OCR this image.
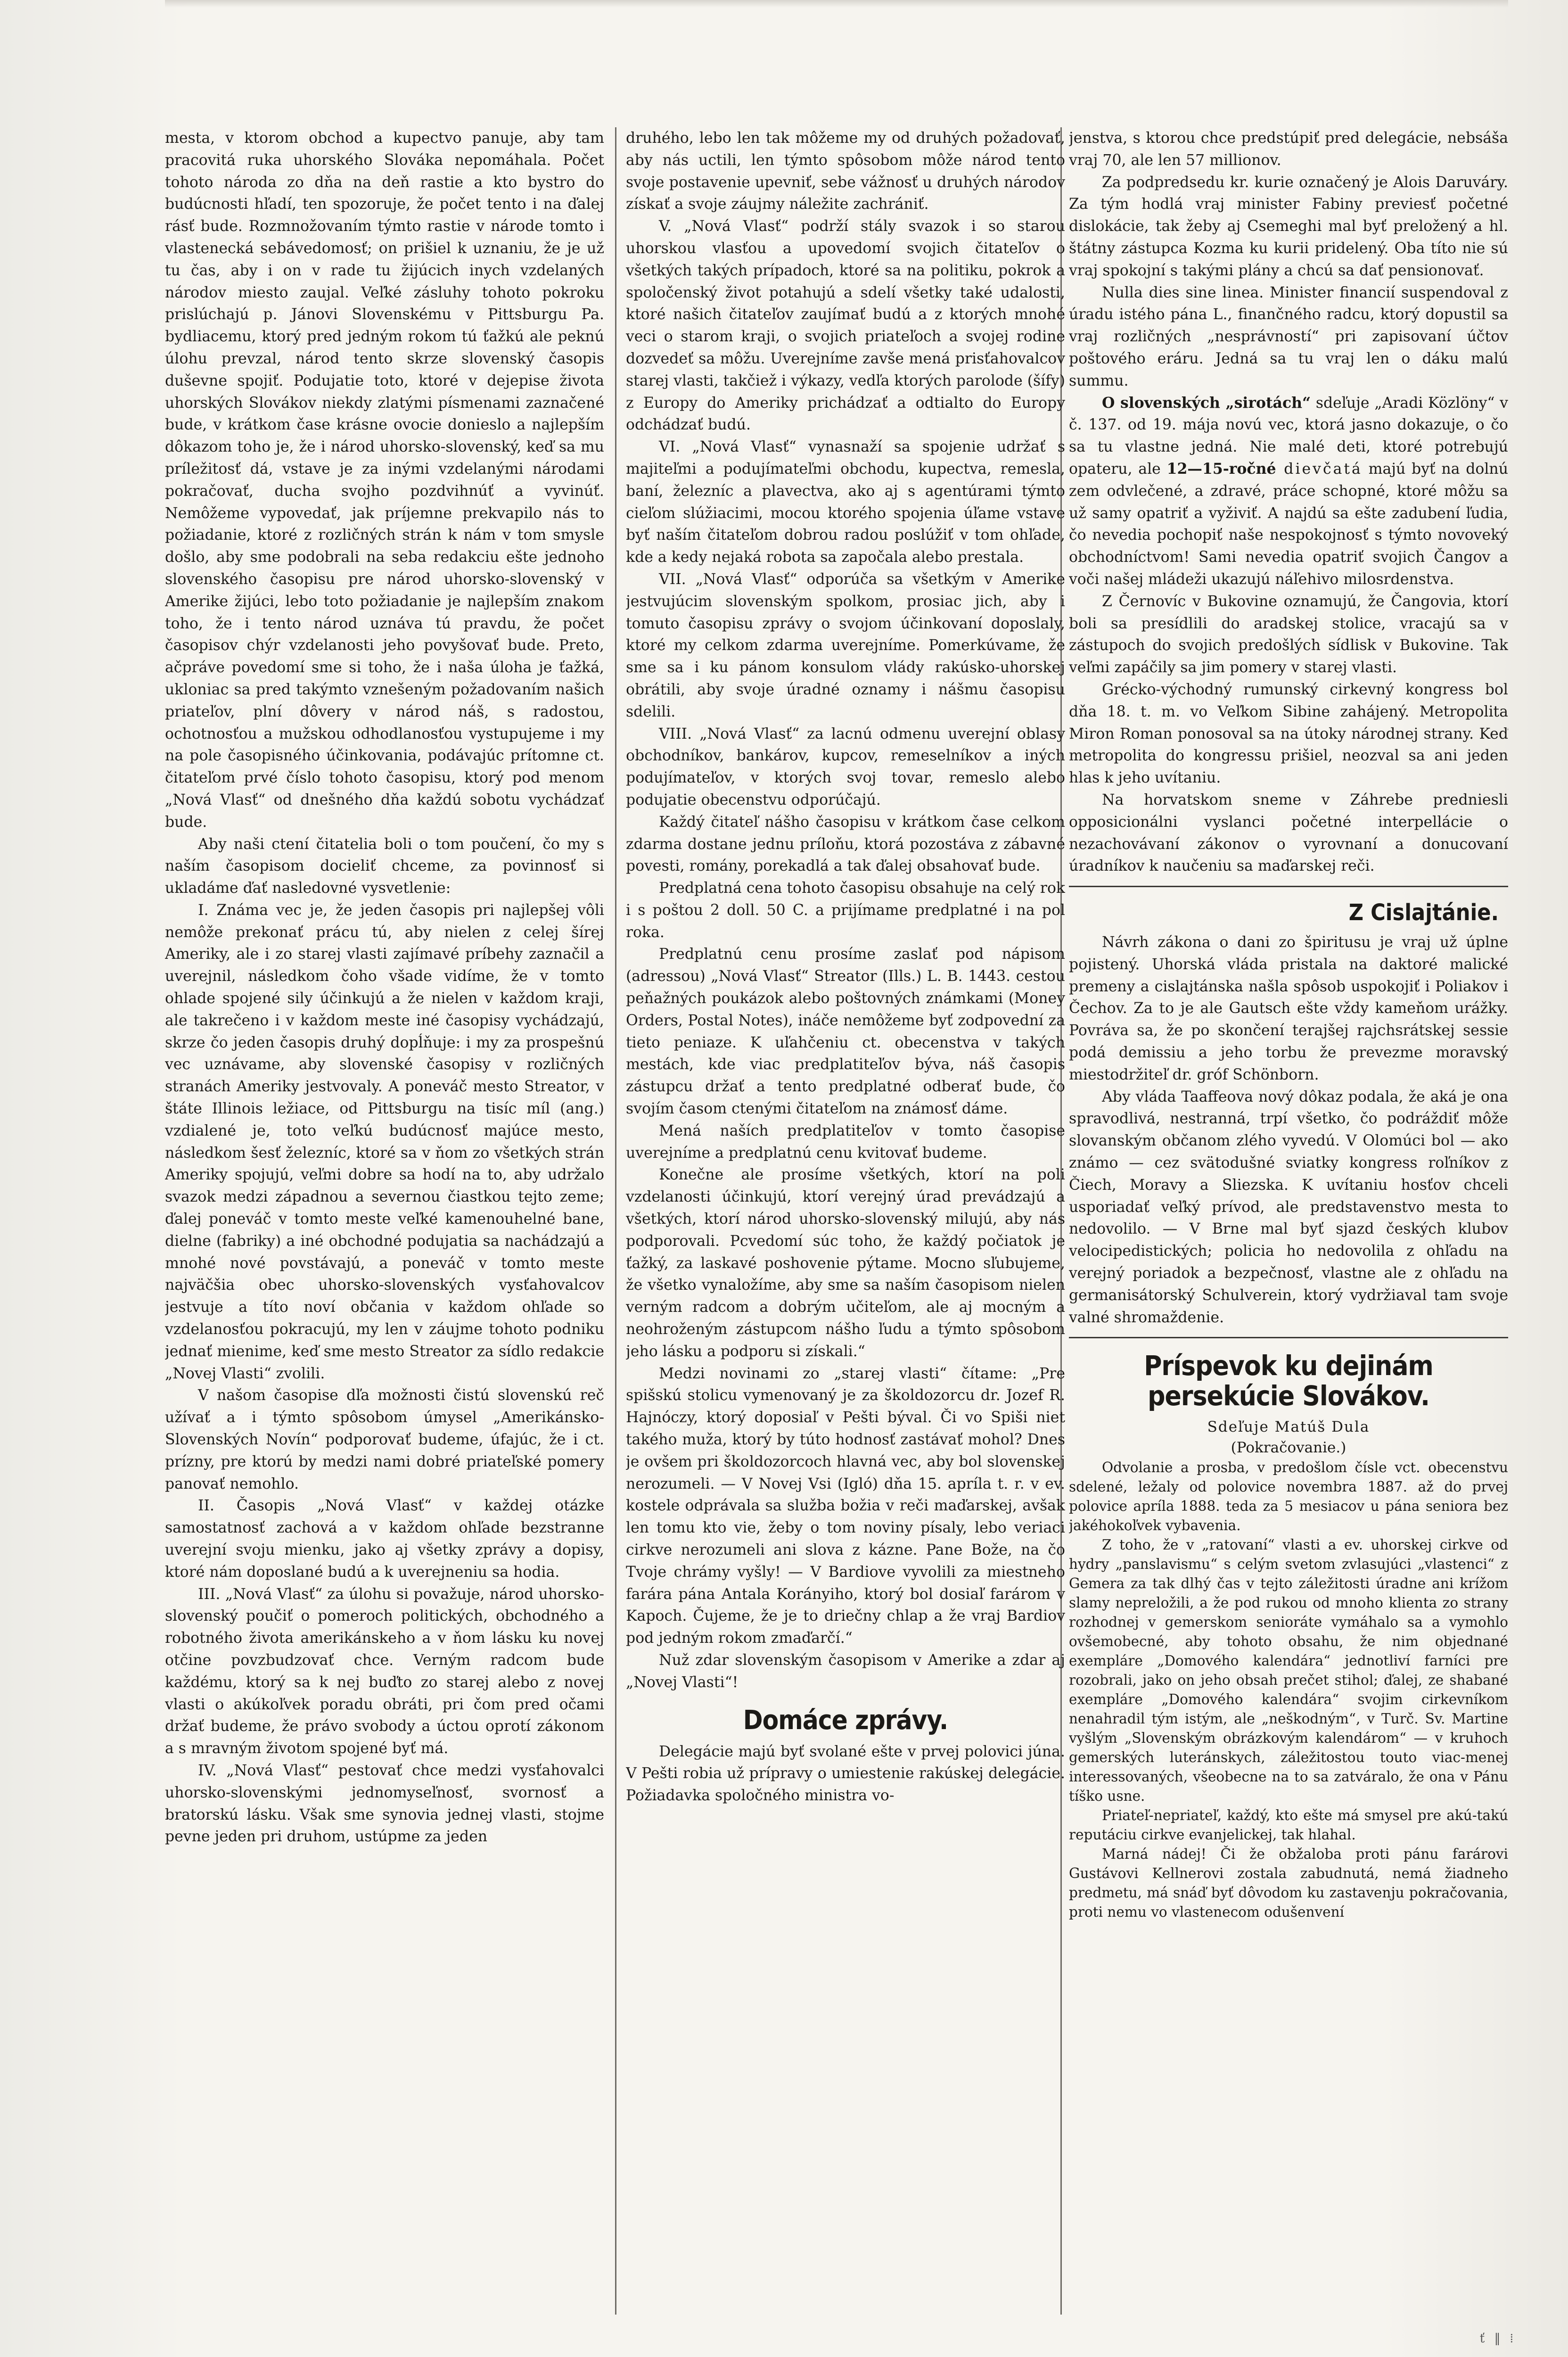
mesta, v ktorom obchod a kupectvo panuje, aby tam pracovitá ruka uhorského Slováka nepomáhala. Počet tohoto národa zo dňa na deň rastie a kto bystro do budúcnosti hľadí, ten spozoruje, že počet tento i na ďalej rásť bude. Rozmnožovaním týmto rastie v národe tomto i vlastenecká sebávedomosť; on prišiel k uznaniu, že je už tu čas, aby i on v rade tu žijúcich inych vzdelaných národov miesto zaujal. Veľké zásluhy tohoto pokroku prislúchajú p. Jánovi Slovenskému v Pittsburgu Pa. bydliacemu, ktorý pred jedným rokom tú ťažkú ale peknú úlohu prevzal, národ tento skrze slovenský časopis duševne spojiť. Podujatie toto, ktoré v dejepise života uhorských Slovákov niekdy zlatými písmenami zaznačené bude, v krátkom čase krásne ovocie donieslo a najlepším dôkazom toho je, že i národ uhorsko-slovenský, keď sa mu príležitosť dá, vstave je za inými vzdelanými národami pokračovať, ducha svojho pozdvihnúť a vyvinúť. Nemôžeme vypovedať, jak príjemne prekvapilo nás to požiadanie, ktoré z rozličných strán k nám v tom smysle došlo, aby sme podobrali na seba redakciu ešte jednoho slovenského časopisu pre národ uhorsko-slovenský v Amerike žijúci, lebo toto požiadanie je najlepším znakom toho, že i tento národ uznáva tú pravdu, že počet časopisov chýr vzdelanosti jeho povyšovať bude. Preto, ačpráve povedomí sme si toho, že i naša úloha je ťažká, ukloniac sa pred takýmto vznešeným požadovaním našich priateľov, plní dôvery v národ náš, s radostou, ochotnosťou a mužskou odhodlanosťou vystupujeme i my na pole časopisného účinkovania, podávajúc prítomne ct. čitateľom prvé číslo tohoto časopisu, ktorý pod menom „Nová Vlasť“ od dnešného dňa každú sobotu vychádzať bude.

Aby naši ctení čitatelia boli o tom poučení, čo my s naším časopisom docieliť chceme, za povinnosť si ukladáme ďať nasledovné vysvetlenie:

I. Známa vec je, že jeden časopis pri najlepšej vôli nemôže prekonať prácu tú, aby nielen z celej šírej Ameriky, ale i zo starej vlasti zajímavé príbehy zaznačil a uverejnil, následkom čoho všade vidíme, že v tomto ohlade spojené sily účinkujú a že nielen v každom kraji, ale takrečeno i v každom meste iné časopisy vychádzajú, skrze čo jeden časopis druhý dopĺňuje: i my za prospešnú vec uznávame, aby slovenské časopisy v rozličných stranách Ameriky jestvovaly. A poneváč mesto Streator, v štáte Illinois ležiace, od Pittsburgu na tisíc míl (ang.) vzdialené je, toto veľkú budúcnosť majúce mesto, následkom šesť železníc, ktoré sa v ňom zo všetkých strán Ameriky spojujú, veľmi dobre sa hodí na to, aby udržalo svazok medzi západnou a severnou čiastkou tejto zeme; ďalej poneváč v tomto meste veľké kamenouhelné bane, dielne (fabriky) a iné obchodné podujatia sa nachádzajú a mnohé nové povstávajú, a poneváč v tomto meste najväčšia obec uhorsko-slovenských vysťahovalcov jestvuje a títo noví občania v každom ohľade so vzdelanosťou pokracujú, my len v záujme tohoto podniku jednať mienime, keď sme mesto Streator za sídlo redakcie „Novej Vlasti“ zvolili.

V našom časopise dľa možnosti čistú slovenskú reč užívať a i týmto spôsobom úmysel „Amerikánsko-Slovenských Novín“ podporovať budeme, úfajúc, že i ct. prízny, pre ktorú by medzi nami dobré priateľské pomery panovať nemohlo.

II. Časopis „Nová Vlasť“ v každej otázke samostatnosť zachová a v každom ohľade bezstranne uverejní svoju mienku, jako aj všetky zprávy a dopisy, ktoré nám doposlané budú a k uverejneniu sa hodia.

III. „Nová Vlasť“ za úlohu si považuje, národ uhorsko-slovenský poučiť o pomeroch politických, obchodného a robotného života amerikánskeho a v ňom lásku ku novej otčine povzbudzovať chce. Verným radcom bude každému, ktorý sa k nej buďto zo starej alebo z novej vlasti o akúkoľvek poradu obráti, pri čom pred očami držať budeme, že právo svobody a úctou oprotí zákonom a s mravným životom spojené byť má.

IV. „Nová Vlasť“ pestovať chce medzi vysťahovalci uhorsko-slovenskými jednomyseľnosť, svornosť a bratorskú lásku. Však sme synovia jednej vlasti, stojme pevne jeden pri druhom, ustúpme za jeden

druhého, lebo len tak môžeme my od druhých požadovať, aby nás uctili, len týmto spôsobom môže národ tento svoje postavenie upevniť, sebe vážnosť u druhých národov získať a svoje záujmy náležite zachrániť.

V. „Nová Vlasť“ podrží stály svazok i so starou uhorskou vlasťou a upovedomí svojich čitateľov o všetkých takých prípadoch, ktoré sa na politiku, pokrok a spoločenský život potahujú a sdelí všetky také udalosti, ktoré našich čitateľov zaujímať budú a z ktorých mnohé veci o starom kraji, o svojich priateľoch a svojej rodine dozvedeť sa môžu. Uverejníme zavše mená prisťahovalcov starej vlasti, takčiež i výkazy, vedľa ktorých parolode (šífy) z Europy do Ameriky prichádzať a odtialto do Europy odchádzať budú.

VI. „Nová Vlasť“ vynasnaží sa spojenie udržať s majiteľmi a podujímateľmi obchodu, kupectva, remesla, baní, železníc a plavectva, ako aj s agentúrami týmto cieľom slúžiacimi, mocou ktorého spojenia úľame vstave byť naším čitateľom dobrou radou poslúžiť v tom ohľade, kde a kedy nejaká robota sa započala alebo prestala.

VII. „Nová Vlasť“ odporúča sa všetkým v Amerike jestvujúcim slovenským spolkom, prosiac jich, aby i tomuto časopisu zprávy o svojom účinkovaní doposlaly, ktoré my celkom zdarma uverejníme. Pomerkúvame, že sme sa i ku pánom konsulom vlády rakúsko-uhorskej obrátili, aby svoje úradné oznamy i nášmu časopisu sdelili.

VIII. „Nová Vlasť“ za lacnú odmenu uverejní oblasy obchodníkov, bankárov, kupcov, remeselníkov a iných podujímateľov, v ktorých svoj tovar, remeslo alebo podujatie obecenstvu odporúčajú.

Každý čitateľ nášho časopisu v krátkom čase celkom zdarma dostane jednu príloňu, ktorá pozostáva z zábavné povesti, romány, porekadlá a tak ďalej obsahovať bude.

Predplatná cena tohoto časopisu obsahuje na celý rok i s poštou 2 doll. 50 C. a prijímame predplatné i na pol roka.

Predplatnú cenu prosíme zaslať pod nápisom (adressou) „Nová Vlasť“ Streator (Ills.) L. B. 1443. cestou peňažných poukázok alebo poštovných známkami (Money Orders, Postal Notes), ináče nemôžeme byť zodpovední za tieto peniaze. K uľahčeniu ct. obecenstva v takých mestách, kde viac predplatiteľov býva, náš časopis zástupcu držať a tento predplatné odberať bude, čo svojím časom ctenými čitateľom na známosť dáme.

Mená naších predplatiteľov v tomto časopise uverejníme a predplatnú cenu kvitovať budeme.

Konečne ale prosíme všetkých, ktorí na poli vzdelanosti účinkujú, ktorí verejný úrad prevádzajú a všetkých, ktorí národ uhorsko-slovenský milujú, aby nás podporovali. Pcvedomí súc toho, že každý počiatok je ťažký, za laskavé poshovenie pýtame. Mocno sľubujeme, že všetko vynaložíme, aby sme sa naším časopisom nielen verným radcom a dobrým učiteľom, ale aj mocným a neohroženým zástupcom nášho ľudu a týmto spôsobom jeho lásku a podporu si získali.“

Medzi novinami zo „starej vlasti“ čítame: „Pre spišskú stolicu vymenovaný je za školdozorcu dr. Jozef R. Hajnóczy, ktorý doposiaľ v Pešti býval. Či vo Spiši niet takého muža, ktorý by túto hodnosť zastávať mohol? Dnes je ovšem pri školdozorcoch hlavná vec, aby bol slovenskej nerozumeli. — V Novej Vsi (Igló) dňa 15. apríla t. r. v ev. kostele odprávala sa služba božia v reči maďarskej, avšak len tomu kto vie, žeby o tom noviny písaly, lebo veriaci cirkve nerozumeli ani slova z kázne. Pane Bože, na čo Tvoje chrámy vyšly! — V Bardiove vyvolili za miestneho farára pána Antala Korányiho, ktorý bol dosiaľ farárom v Kapoch. Čujeme, že je to driečny chlap a že vraj Bardiov pod jedným rokom zmaďarčí.“

Nuž zdar slovenským časopisom v Amerike a zdar aj „Novej Vlasti“!

Domáce zprávy.

Delegácie majú byť svolané ešte v prvej polovici júna. V Pešti robia už prípravy o umiestenie rakúskej delegácie. Požiadavka spoločného ministra vo-

jenstva, s ktorou chce predstúpiť pred delegácie, nebsáša vraj 70, ale len 57 millionov.

Za podpredsedu kr. kurie označený je Alois Daruváry. Za tým hodlá vraj minister Fabiny previesť početné dislokácie, tak žeby aj Csemeghi mal byť preložený a hl. štátny zástupca Kozma ku kurii pridelený. Oba títo nie sú vraj spokojní s takými plány a chcú sa dať pensionovať.

Nulla dies sine linea. Minister financií suspendoval z úradu istého pána L., finančného radcu, ktorý dopustil sa vraj rozličných „nesprávností“ pri zapisovaní účtov poštového eráru. Jedná sa tu vraj len o dáku malú summu.

O slovenských „sirotách“ sdeľuje „Aradi Közlöny“ v č. 137. od 19. mája novú vec, ktorá jasno dokazuje, o čo sa tu vlastne jedná. Nie malé deti, ktoré potrebujú opateru, ale 12—15-ročné dievčatá majú byť na dolnú zem odvlečené, a zdravé, práce schopné, ktoré môžu sa už samy opatriť a vyživiť. A najdú sa ešte zadubení ľudia, čo nevedia pochopiť naše nespokojnosť s týmto novoveký obchodníctvom! Sami nevedia opatriť svojich Čangov a voči našej mládeži ukazujú náľehivo milosrdenstva.

Z Černovíc v Bukovine oznamujú, že Čangovia, ktorí boli sa presídlili do aradskej stolice, vracajú sa v zástupoch do svojich predošlých sídlisk v Bukovine. Tak veľmi zapáčily sa jim pomery v starej vlasti.

Grécko-východný rumunský cirkevný kongress bol dňa 18. t. m. vo Veľkom Sibine zahájený. Metropolita Miron Roman ponosoval sa na útoky národnej strany. Keď metropolita do kongressu prišiel, neozval sa ani jeden hlas k jeho uvítaniu.

Na horvatskom sneme v Záhrebe predniesli opposicionálni vyslanci početné interpellácie o nezachovávaní zákonov o vyrovnaní a donucovaní úradníkov k naučeniu sa maďarskej reči.

Z Cislajtánie.

Návrh zákona o dani zo špiritusu je vraj už úplne pojistený. Uhorská vláda pristala na daktoré malické premeny a cislajtánska našla spôsob uspokojiť i Poliakov i Čechov. Za to je ale Gautsch ešte vždy kameňom urážky. Povráva sa, že po skončení terajšej rajchsrátskej sessie podá demissiu a jeho torbu že prevezme moravský miestodržiteľ dr. gróf Schönborn.

Aby vláda Taaffeova nový dôkaz podala, že aká je ona spravodlivá, nestranná, trpí všetko, čo podráždiť môže slovanským občanom zlého vyvedú. V Olomúci bol — ako známo — cez svätodušné sviatky kongress roľníkov z Čiech, Moravy a Sliezska. K uvítaniu hosťov chceli usporiadať veľký prívod, ale predstavenstvo mesta to nedovolilo. — V Brne mal byť sjazd českých klubov velocipedistických; policia ho nedovolila z ohľadu na verejný poriadok a bezpečnosť, vlastne ale z ohľadu na germanisátorský Schulverein, ktorý vydržiaval tam svoje valné shromaždenie.

Príspevok ku dejinám persekúcie Slovákov.
Sdeľuje Matúš Dula
(Pokračovanie.)

Odvolanie a prosba, v predošlom čísle vct. obecenstvu sdelené, ležaly od polovice novembra 1887. až do prvej polovice apríla 1888. teda za 5 mesiacov u pána seniora bez jakéhokoľvek vybavenia.

Z toho, že v „ratovaní“ vlasti a ev. uhorskej cirkve od hydry „panslavismu“ s celým svetom zvlasujúci „vlastenci“ z Gemera za tak dlhý čas v tejto záležitosti úradne ani krížom slamy nepreložili, a že pod rukou od mnoho klienta zo strany rozhodnej v gemerskom senioráte vymáhalo sa a vymohlo ovšemobecné, aby tohoto obsahu, že nim objednané exempláre „Domového kalendára“ jednotliví farníci pre rozobrali, jako on jeho obsah prečet stihol; ďalej, ze shabané exempláre „Domového kalendára“ svojim cirkevníkom nenahradil tým istým, ale „neškodným“, v Turč. Sv. Martine vyšlým „Slovenským obrázkovým kalendárom“ — v kruhoch gemerských luteránskych, záležitostou touto viac-menej interessovaných, všeobecne na to sa zatváralo, že ona v Pánu tíško usne.

Priateľ-nepriateľ, každý, kto ešte má smysel pre akú-takú reputáciu cirkve evanjelickej, tak hlahal.

Marná nádej! Či že obžaloba proti pánu farárovi Gustávovi Kellnerovi zostala zabudnutá, nemá žiadneho predmetu, má snáď byť dôvodom ku zastavenju pokračovania, proti nemu vo vlastenecom odušenvení

ť ‖ ⁞
